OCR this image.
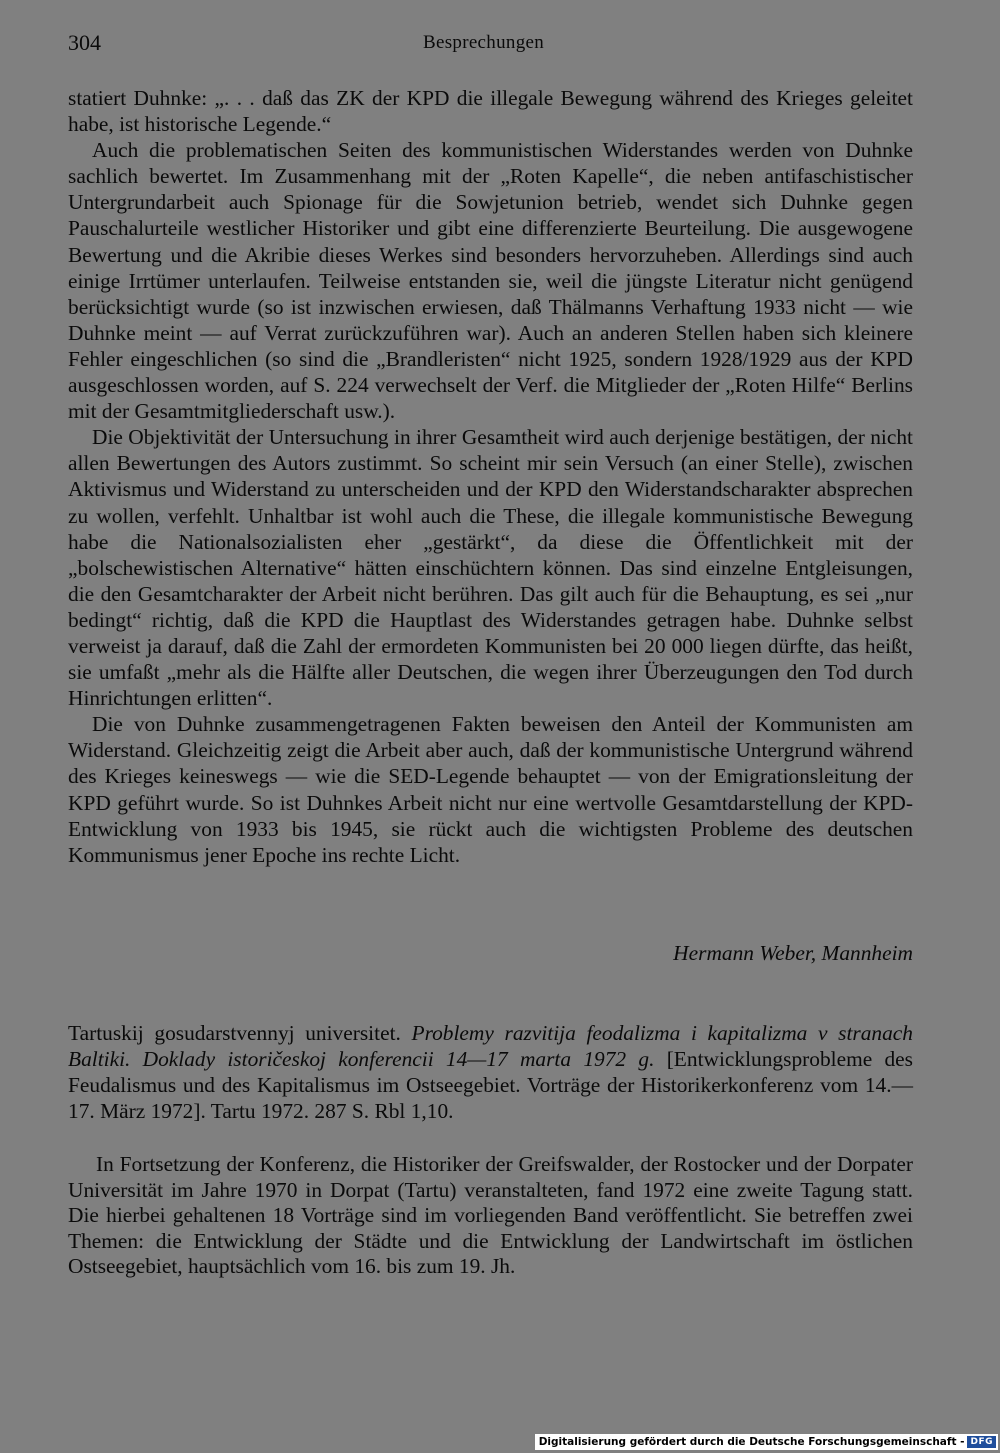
304	Besprechungen

statiert Duhnke: „. . . daß das ZK der KPD die illegale Bewegung während des Krieges geleitet habe, ist historische Legende.“

Auch die problematischen Seiten des kommunistischen Widerstandes werden von Duhnke sachlich bewertet. Im Zusammenhang mit der „Roten Kapelle“, die neben antifaschistischer Untergrundarbeit auch Spionage für die Sowjetunion betrieb, wendet sich Duhnke gegen Pauschalurteile westlicher Historiker und gibt eine differenzierte Beurteilung. Die ausgewogene Bewertung und die Akribie dieses Werkes sind besonders hervorzuheben. Allerdings sind auch einige Irrtümer unterlaufen. Teilweise entstanden sie, weil die jüngste Literatur nicht genügend berücksichtigt wurde (so ist inzwischen erwiesen, daß Thälmanns Verhaftung 1933 nicht — wie Duhnke meint — auf Verrat zurückzuführen war). Auch an anderen Stellen haben sich kleinere Fehler eingeschlichen (so sind die „Brandleristen“ nicht 1925, sondern 1928/1929 aus der KPD ausgeschlossen worden, auf S. 224 verwechselt der Verf. die Mitglieder der „Roten Hilfe“ Berlins mit der Gesamtmitgliederschaft usw.).

Die Objektivität der Untersuchung in ihrer Gesamtheit wird auch derjenige bestätigen, der nicht allen Bewertungen des Autors zustimmt. So scheint mir sein Versuch (an einer Stelle), zwischen Aktivismus und Widerstand zu unterscheiden und der KPD den Widerstandscharakter absprechen zu wollen, verfehlt. Unhaltbar ist wohl auch die These, die illegale kommunistische Bewegung habe die Nationalsozialisten eher „gestärkt“, da diese die Öffentlichkeit mit der „bolschewistischen Alternative“ hätten einschüchtern können. Das sind einzelne Entgleisungen, die den Gesamtcharakter der Arbeit nicht berühren. Das gilt auch für die Behauptung, es sei „nur bedingt“ richtig, daß die KPD die Hauptlast des Widerstandes getragen habe. Duhnke selbst verweist ja darauf, daß die Zahl der ermordeten Kommunisten bei 20 000 liegen dürfte, das heißt, sie umfaßt „mehr als die Hälfte aller Deutschen, die wegen ihrer Überzeugungen den Tod durch Hinrichtungen erlitten“.

Die von Duhnke zusammengetragenen Fakten beweisen den Anteil der Kommunisten am Widerstand. Gleichzeitig zeigt die Arbeit aber auch, daß der kommunistische Untergrund während des Krieges keineswegs — wie die SED-Legende behauptet — von der Emigrationsleitung der KPD geführt wurde. So ist Duhnkes Arbeit nicht nur eine wertvolle Gesamtdarstellung der KPD-Entwicklung von 1933 bis 1945, sie rückt auch die wichtigsten Probleme des deutschen Kommunismus jener Epoche ins rechte Licht.

Hermann Weber, Mannheim

Tartuskij gosudarstvennyj universitet. Problemy razvitija feodalizma i kapitalizma v stranach Baltiki. Doklady istoričeskoj konferencii 14—17 marta 1972 g. [Entwicklungsprobleme des Feudalismus und des Kapitalismus im Ostseegebiet. Vorträge der Historikerkonferenz vom 14.—17. März 1972]. Tartu 1972. 287 S. Rbl 1,10.

In Fortsetzung der Konferenz, die Historiker der Greifswalder, der Rostocker und der Dorpater Universität im Jahre 1970 in Dorpat (Tartu) veranstalteten, fand 1972 eine zweite Tagung statt. Die hierbei gehaltenen 18 Vorträge sind im vorliegenden Band veröffentlicht. Sie betreffen zwei Themen: die Entwicklung der Städte und die Entwicklung der Landwirtschaft im östlichen Ostseegebiet, hauptsächlich vom 16. bis zum 19. Jh.

Digitalisierung gefördert durch die Deutsche Forschungsgemeinschaft - DFG
